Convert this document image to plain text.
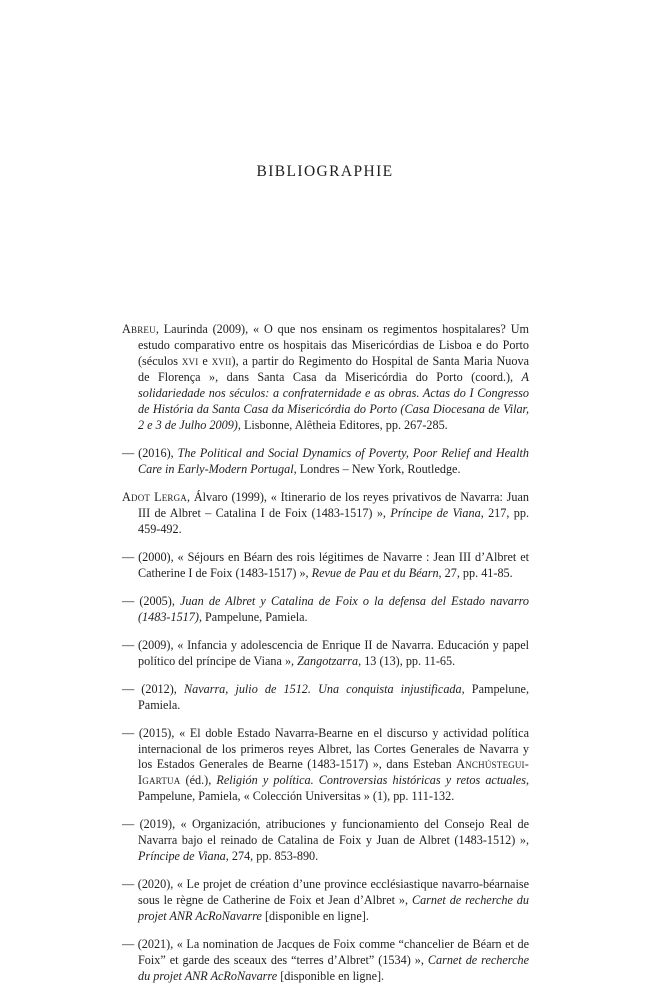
BIBLIOGRAPHIE

Abreu, Laurinda (2009), « O que nos ensinam os regimentos hospitalares? Um estudo comparativo entre os hospitais das Misericórdias de Lisboa e do Porto (séculos xvi e xvii), a partir do Regimento do Hospital de Santa Maria Nuova de Florença », dans Santa Casa da Misericórdia do Porto (coord.), A solidariedade nos séculos: a confraternidade e as obras. Actas do I Congresso de História da Santa Casa da Misericórdia do Porto (Casa Diocesana de Vilar, 2 e 3 de Julho 2009), Lisbonne, Alêtheia Editores, pp. 267-285.

— (2016), The Political and Social Dynamics of Poverty, Poor Relief and Health Care in Early-Modern Portugal, Londres – New York, Routledge.

Adot Lerga, Álvaro (1999), « Itinerario de los reyes privativos de Navarra: Juan III de Albret – Catalina I de Foix (1483-1517) », Príncipe de Viana, 217, pp. 459-492.

— (2000), « Séjours en Béarn des rois légitimes de Navarre : Jean III d’Albret et Catherine I de Foix (1483-1517) », Revue de Pau et du Béarn, 27, pp. 41-85.

— (2005), Juan de Albret y Catalina de Foix o la defensa del Estado navarro (1483-1517), Pampelune, Pamiela.

— (2009), « Infancia y adolescencia de Enrique II de Navarra. Educación y papel político del príncipe de Viana », Zangotzarra, 13 (13), pp. 11-65.

— (2012), Navarra, julio de 1512. Una conquista injustificada, Pampelune, Pamiela.

— (2015), « El doble Estado Navarra-Bearne en el discurso y actividad política internacional de los primeros reyes Albret, las Cortes Generales de Navarra y los Estados Generales de Bearne (1483-1517) », dans Esteban Anchústegui-Igartua (éd.), Religión y política. Controversias históricas y retos actuales, Pampelune, Pamiela, « Colección Universitas » (1), pp. 111-132.

— (2019), « Organización, atribuciones y funcionamiento del Consejo Real de Navarra bajo el reinado de Catalina de Foix y Juan de Albret (1483-1512) », Príncipe de Viana, 274, pp. 853-890.

— (2020), « Le projet de création d’une province ecclésiastique navarro-béarnaise sous le règne de Catherine de Foix et Jean d’Albret », Carnet de recherche du projet ANR AcRoNavarre [disponible en ligne].

— (2021), « La nomination de Jacques de Foix comme “chancelier de Béarn et de Foix” et garde des sceaux des “terres d’Albret” (1534) », Carnet de recherche du projet ANR AcRoNavarre [disponible en ligne].
